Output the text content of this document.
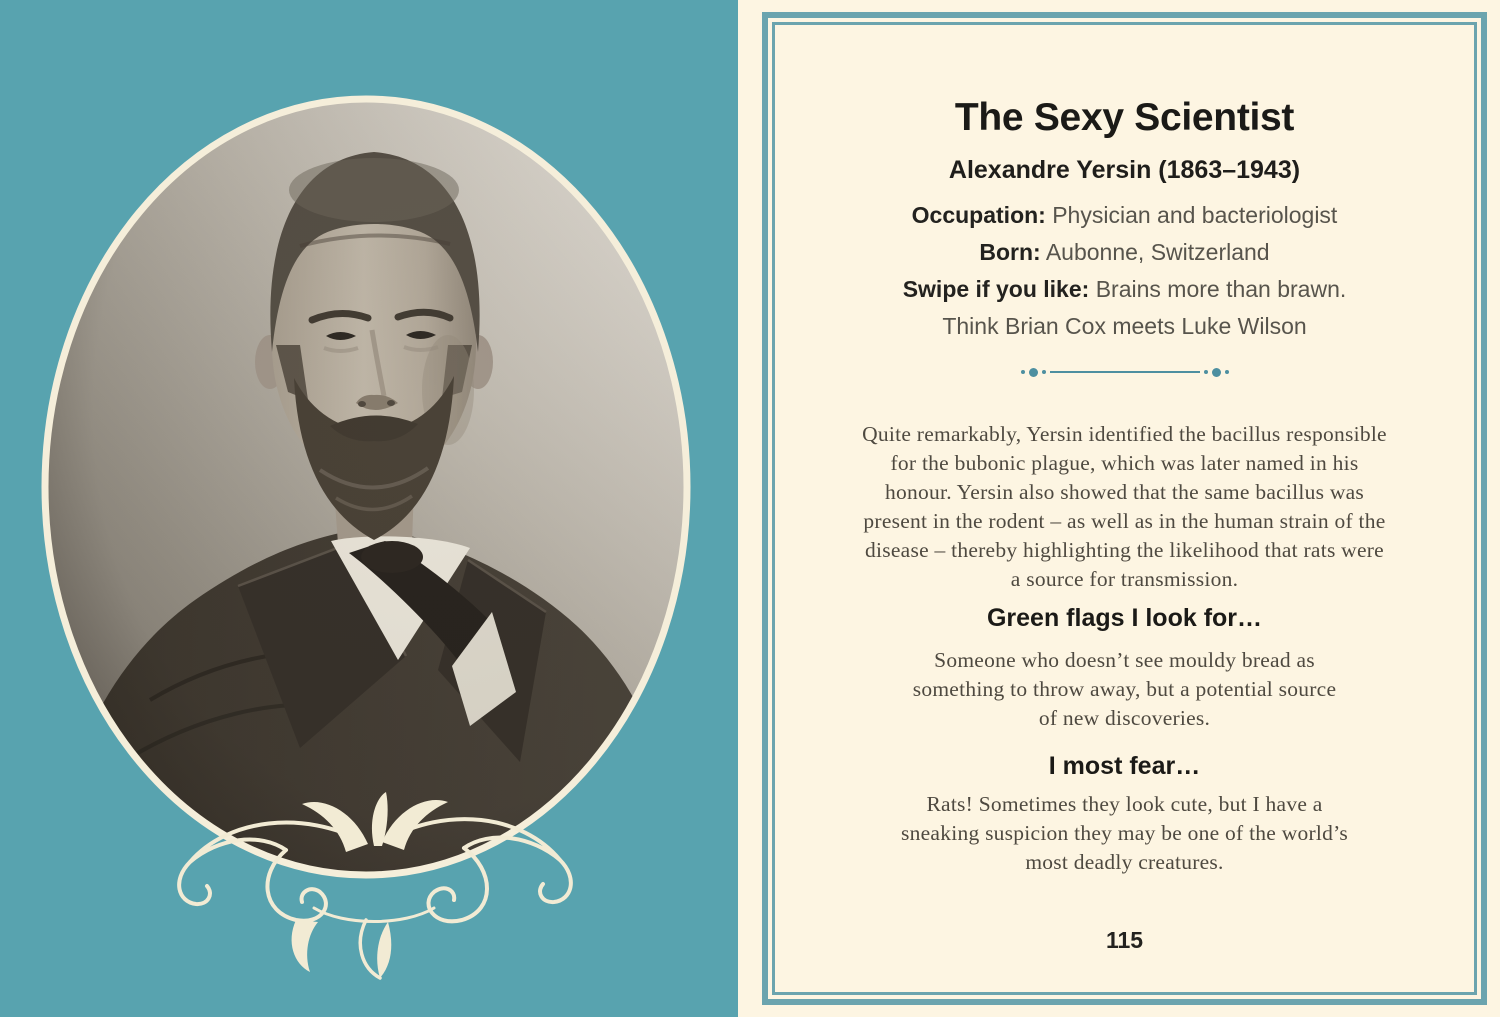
The Sexy Scientist
Alexandre Yersin (1863–1943)
Occupation: Physician and bacteriologist
Born: Aubonne, Switzerland
Swipe if you like: Brains more than brawn.
Think Brian Cox meets Luke Wilson
Quite remarkably, Yersin identified the bacillus responsible
for the bubonic plague, which was later named in his
honour. Yersin also showed that the same bacillus was
present in the rodent – as well as in the human strain of the
disease – thereby highlighting the likelihood that rats were
a source for transmission.
Green flags I look for…
Someone who doesn’t see mouldy bread as
something to throw away, but a potential source
of new discoveries.
I most fear…
Rats! Sometimes they look cute, but I have a
sneaking suspicion they may be one of the world’s
most deadly creatures.
115
